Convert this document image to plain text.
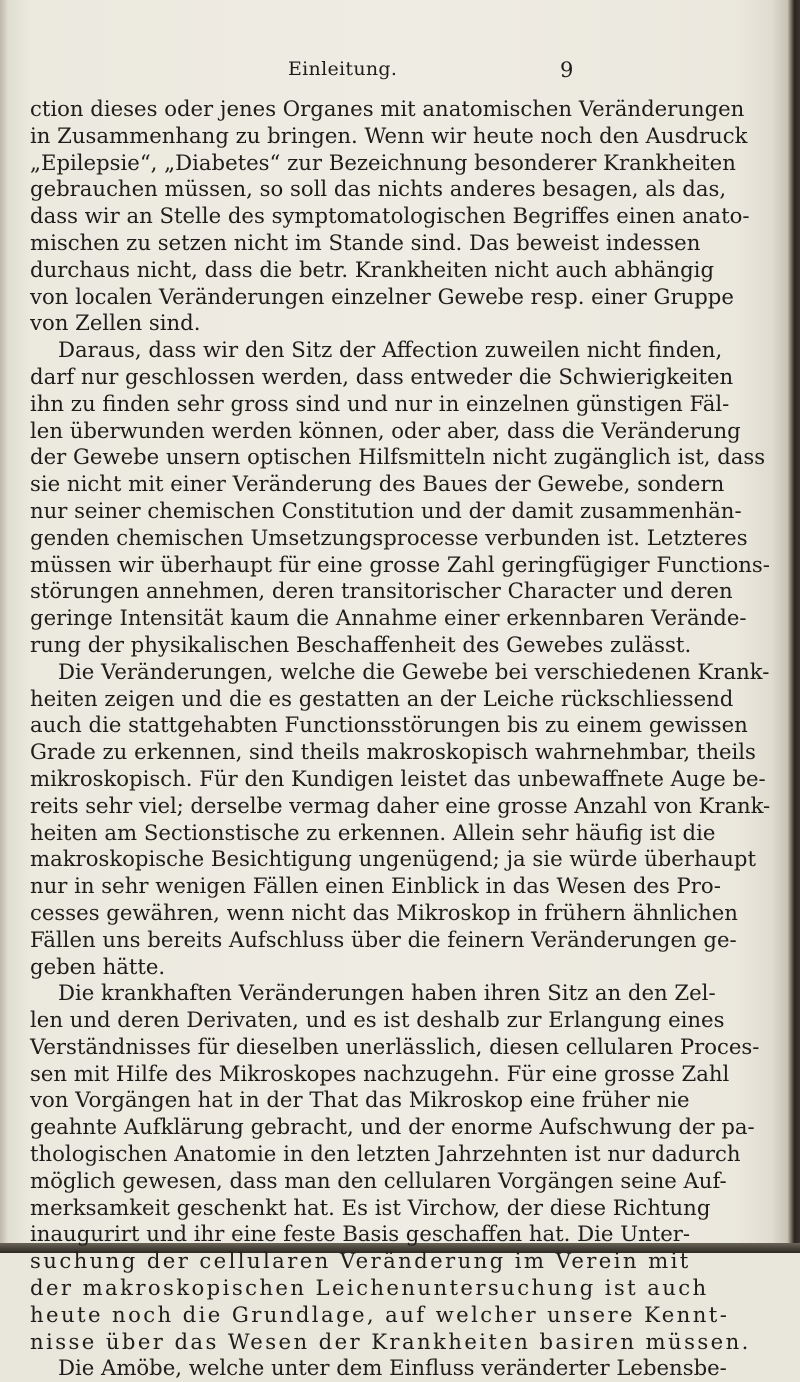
Einleitung.	9
ction dieses oder jenes Organes mit anatomischen Veränderungen
in Zusammenhang zu bringen. Wenn wir heute noch den Ausdruck
„Epilepsie“, „Diabetes“ zur Bezeichnung besonderer Krankheiten
gebrauchen müssen, so soll das nichts anderes besagen, als das,
dass wir an Stelle des symptomatologischen Begriffes einen anato-
mischen zu setzen nicht im Stande sind. Das beweist indessen
durchaus nicht, dass die betr. Krankheiten nicht auch abhängig
von localen Veränderungen einzelner Gewebe resp. einer Gruppe
von Zellen sind.
Daraus, dass wir den Sitz der Affection zuweilen nicht finden,
darf nur geschlossen werden, dass entweder die Schwierigkeiten
ihn zu finden sehr gross sind und nur in einzelnen günstigen Fäl-
len überwunden werden können, oder aber, dass die Veränderung
der Gewebe unsern optischen Hilfsmitteln nicht zugänglich ist, dass
sie nicht mit einer Veränderung des Baues der Gewebe, sondern
nur seiner chemischen Constitution und der damit zusammenhän-
genden chemischen Umsetzungsprocesse verbunden ist. Letzteres
müssen wir überhaupt für eine grosse Zahl geringfügiger Functions-
störungen annehmen, deren transitorischer Character und deren
geringe Intensität kaum die Annahme einer erkennbaren Verände-
rung der physikalischen Beschaffenheit des Gewebes zulässt.
Die Veränderungen, welche die Gewebe bei verschiedenen Krank-
heiten zeigen und die es gestatten an der Leiche rückschliessend
auch die stattgehabten Functionsstörungen bis zu einem gewissen
Grade zu erkennen, sind theils makroskopisch wahrnehmbar, theils
mikroskopisch. Für den Kundigen leistet das unbewaffnete Auge be-
reits sehr viel; derselbe vermag daher eine grosse Anzahl von Krank-
heiten am Sectionstische zu erkennen. Allein sehr häufig ist die
makroskopische Besichtigung ungenügend; ja sie würde überhaupt
nur in sehr wenigen Fällen einen Einblick in das Wesen des Pro-
cesses gewähren, wenn nicht das Mikroskop in frühern ähnlichen
Fällen uns bereits Aufschluss über die feinern Veränderungen ge-
geben hätte.
Die krankhaften Veränderungen haben ihren Sitz an den Zel-
len und deren Derivaten, und es ist deshalb zur Erlangung eines
Verständnisses für dieselben unerlässlich, diesen cellularen Proces-
sen mit Hilfe des Mikroskopes nachzugehn. Für eine grosse Zahl
von Vorgängen hat in der That das Mikroskop eine früher nie
geahnte Aufklärung gebracht, und der enorme Aufschwung der pa-
thologischen Anatomie in den letzten Jahrzehnten ist nur dadurch
möglich gewesen, dass man den cellularen Vorgängen seine Auf-
merksamkeit geschenkt hat. Es ist Virchow, der diese Richtung
inaugurirt und ihr eine feste Basis geschaffen hat. Die Unter-
suchung der cellularen Veränderung im Verein mit
der makroskopischen Leichenuntersuchung ist auch
heute noch die Grundlage, auf welcher unsere Kennt-
nisse über das Wesen der Krankheiten basiren müssen.
Die Amöbe, welche unter dem Einfluss veränderter Lebensbe-
